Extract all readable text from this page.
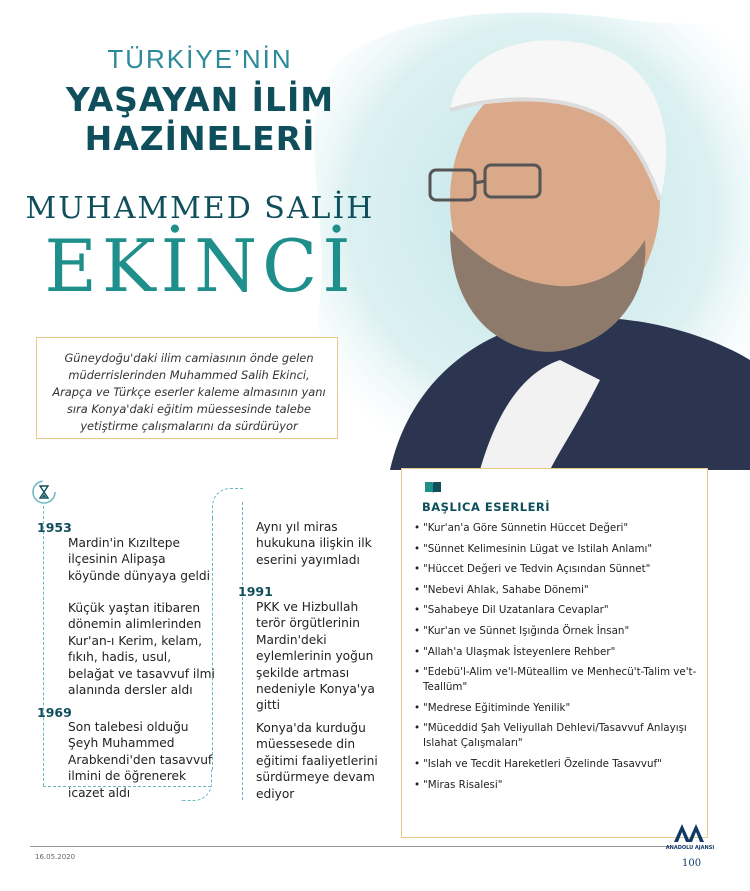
TÜRKİYE’NİN
YAŞAYAN İLİM
HAZİNELERİ
MUHAMMED SALİH
EKİNCİ

Güneydoğu'daki ilim camiasının önde gelen müderrislerinden Muhammed Salih Ekinci, Arapça ve Türkçe eserler kaleme almasının yanı sıra Konya'daki eğitim müessesinde talebe yetiştirme çalışmalarını da sürdürüyor

1953

Mardin'in Kızıltepe ilçesinin Alipaşa köyünde dünyaya geldi

Küçük yaştan itibaren dönemin alimlerinden Kur'an-ı Kerim, kelam, fıkıh, hadis, usul, belağat ve tasavvuf ilmi alanında dersler aldı

1969

Son talebesi olduğu Şeyh Muhammed Arabkendi'den tasavvuf ilmini de öğrenerek icazet aldı

Aynı yıl miras hukukuna ilişkin ilk eserini yayımladı

1991

PKK ve Hizbullah terör örgütlerinin Mardin'deki eylemlerinin yoğun şekilde artması nedeniyle Konya'ya gitti

Konya'da kurduğu müessesede din eğitimi faaliyetlerini sürdürmeye devam ediyor

BAŞLICA ESERLERİ
• "Kur'an'a Göre Sünnetin Hüccet Değeri"
• "Sünnet Kelimesinin Lügat ve Istilah Anlamı"
• "Hüccet Değeri ve Tedvin Açısından Sünnet"
• "Nebevi Ahlak, Sahabe Dönemi"
• "Sahabeye Dil Uzatanlara Cevaplar"
• "Kur'an ve Sünnet Işığında Örnek İnsan"
• "Allah'a Ulaşmak İsteyenlere Rehber"
• "Edebü'l-Alim ve'l-Müteallim ve Menhecü't-Talim ve't-Teallüm"
• "Medrese Eğitiminde Yenilik"
• "Müceddid Şah Veliyullah Dehlevi/Tasavvuf Anlayışı Islahat Çalışmaları"
• "Islah ve Tecdit Hareketleri Özelinde Tasavvuf"
• "Miras Risalesi"
16.05.2020
100
ANADOLU AJANSI
